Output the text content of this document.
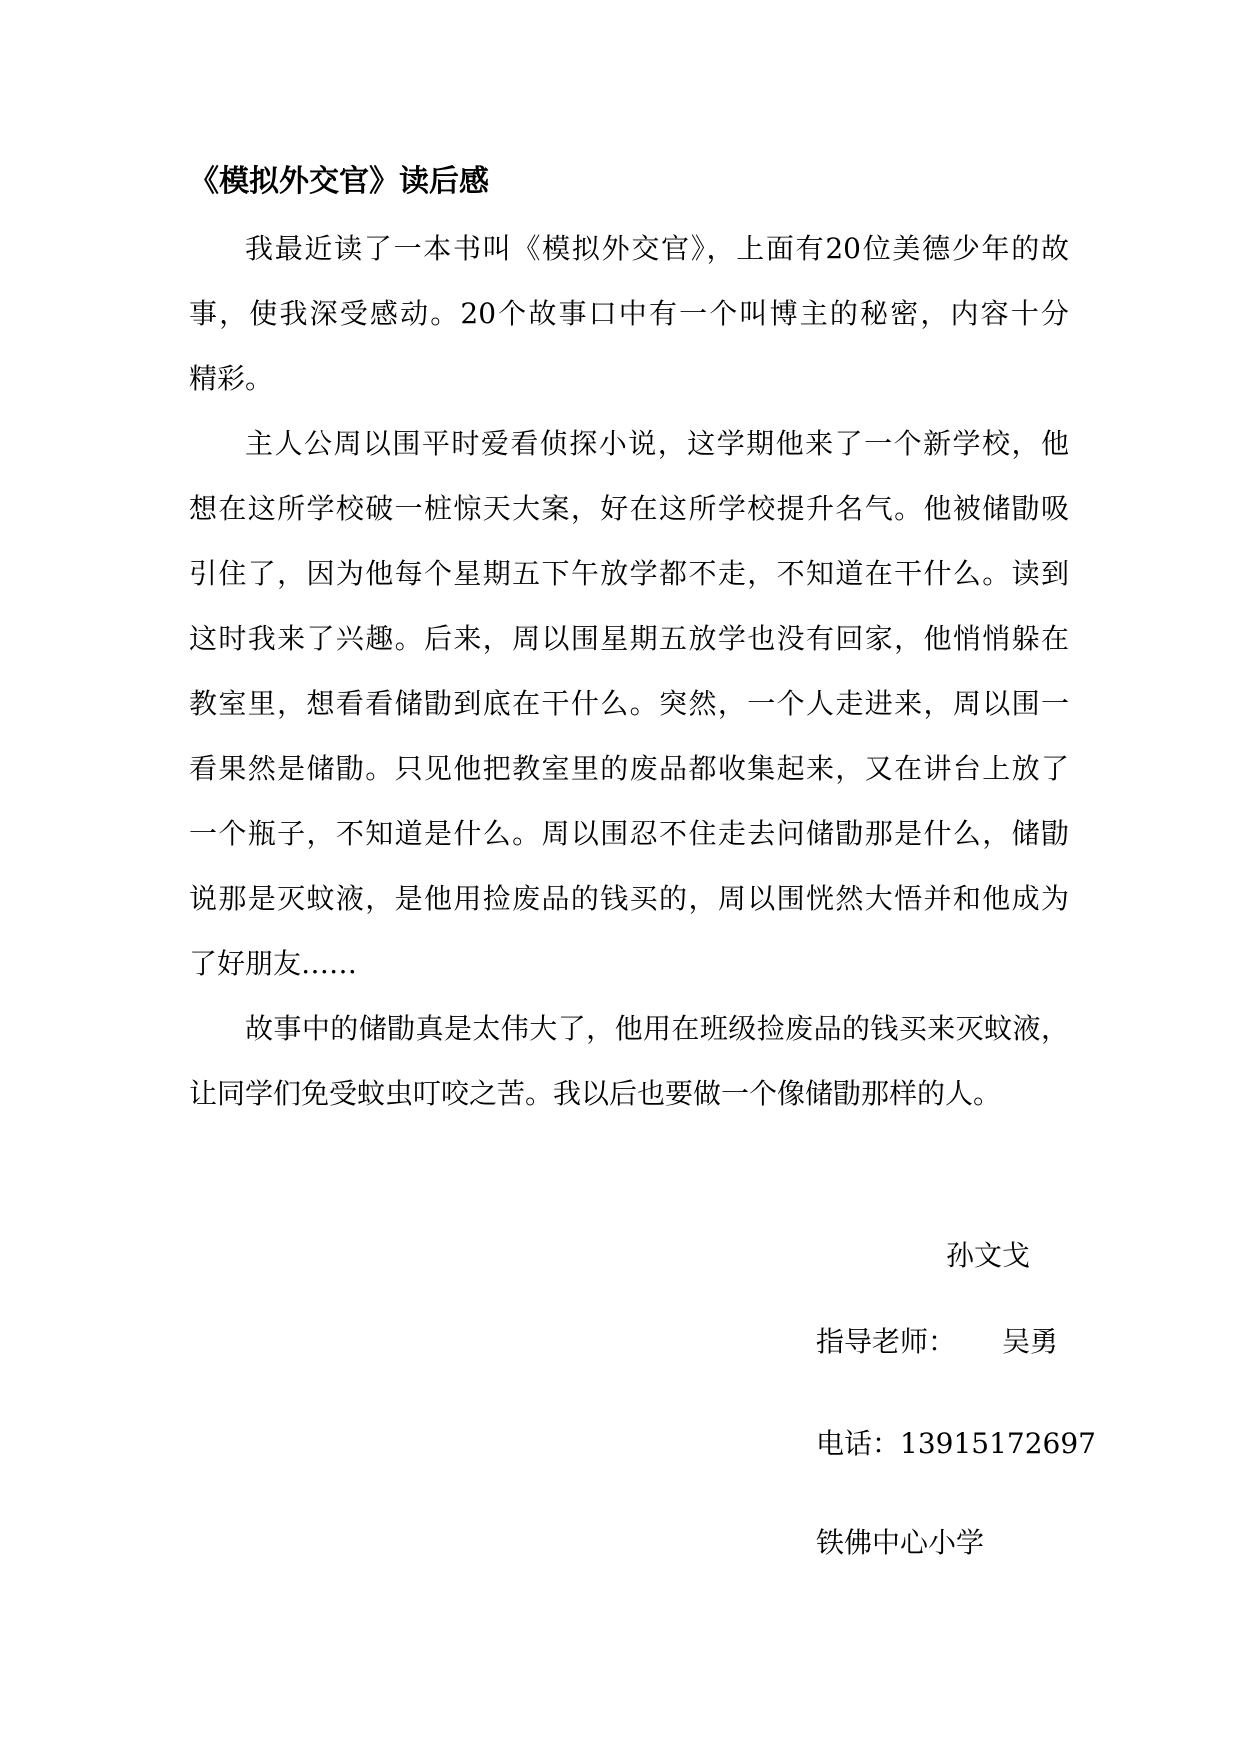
《模拟外交官》读后感
我最近读了一本书叫《模拟外交官》，上面有20位美德少年的故
事，使我深受感动。20个故事口中有一个叫博主的秘密，内容十分
精彩。
主人公周以围平时爱看侦探小说，这学期他来了一个新学校，他
想在这所学校破一桩惊天大案，好在这所学校提升名气。他被储勖吸
引住了，因为他每个星期五下午放学都不走，不知道在干什么。读到
这时我来了兴趣。后来，周以围星期五放学也没有回家，他悄悄躲在
教室里，想看看储勖到底在干什么。突然，一个人走进来，周以围一
看果然是储勖。只见他把教室里的废品都收集起来，又在讲台上放了
一个瓶子，不知道是什么。周以围忍不住走去问储勖那是什么，储勖
说那是灭蚊液，是他用捡废品的钱买的，周以围恍然大悟并和他成为
了好朋友……
故事中的储勖真是太伟大了，他用在班级捡废品的钱买来灭蚊液，
让同学们免受蚊虫叮咬之苦。我以后也要做一个像储勖那样的人。
孙文戈
指导老师： 吴勇
电话：13915172697
铁佛中心小学
